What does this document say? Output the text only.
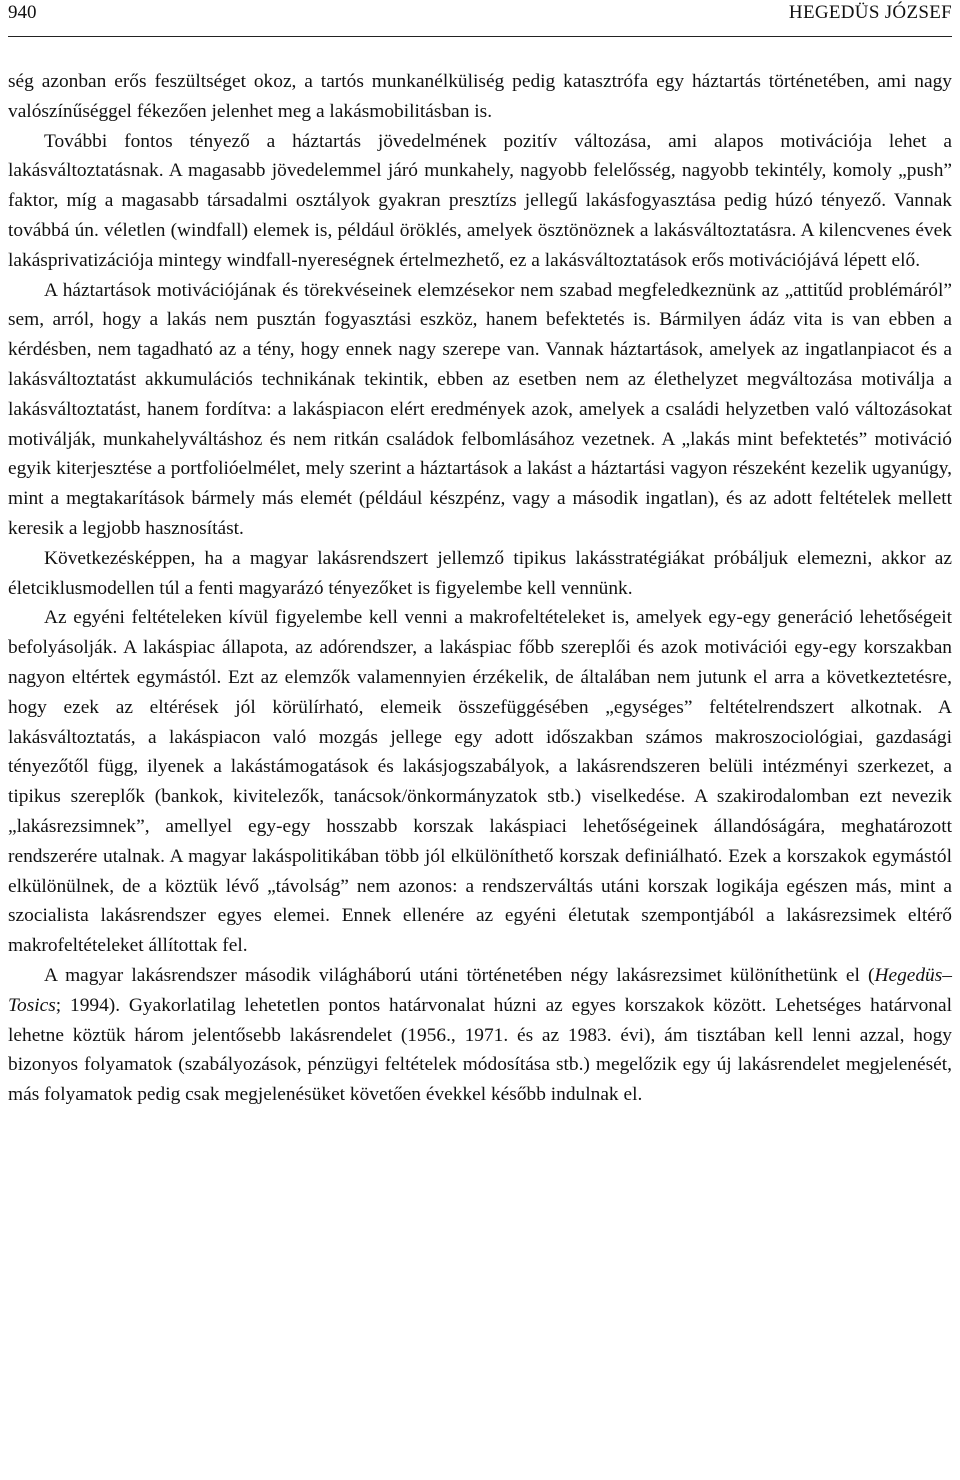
940	HEGEDÜS JÓZSEF

ség azonban erős feszültséget okoz, a tartós munkanélküliség pedig katasztrófa egy háztartás történetében, ami nagy valószínűséggel fékezően jelenhet meg a lakásmobilitásban is.

További fontos tényező a háztartás jövedelmének pozitív változása, ami alapos motivációja lehet a lakásváltoztatásnak. A magasabb jövedelemmel járó munkahely, nagyobb felelősség, nagyobb tekintély, komoly „push” faktor, míg a magasabb társadalmi osztályok gyakran presztízs jellegű lakásfogyasztása pedig húzó tényező. Vannak továbbá ún. véletlen (windfall) elemek is, például öröklés, amelyek ösztönöznek a lakásváltoztatásra. A kilencvenes évek lakásprivatizációja mintegy windfall-nyereségnek értelmezhető, ez a lakásváltoztatások erős motivációjává lépett elő.

A háztartások motivációjának és törekvéseinek elemzésekor nem szabad megfeledkeznünk az „attitűd problémáról” sem, arról, hogy a lakás nem pusztán fogyasztási eszköz, hanem befektetés is. Bármilyen ádáz vita is van ebben a kérdésben, nem tagadható az a tény, hogy ennek nagy szerepe van. Vannak háztartások, amelyek az ingatlanpiacot és a lakásváltoztatást akkumulációs technikának tekintik, ebben az esetben nem az élethelyzet megváltozása motiválja a lakásváltoztatást, hanem fordítva: a lakáspiacon elért eredmények azok, amelyek a családi helyzetben való változásokat motiválják, munkahelyváltáshoz és nem ritkán családok felbomlásához vezetnek. A „lakás mint befektetés” motiváció egyik kiterjesztése a portfolióelmélet, mely szerint a háztartások a lakást a háztartási vagyon részeként kezelik ugyanúgy, mint a megtakarítások bármely más elemét (például készpénz, vagy a második ingatlan), és az adott feltételek mellett keresik a legjobb hasznosítást.

Következésképpen, ha a magyar lakásrendszert jellemző tipikus lakásstratégiákat próbáljuk elemezni, akkor az életciklusmodellen túl a fenti magyarázó tényezőket is figyelembe kell vennünk.

Az egyéni feltételeken kívül figyelembe kell venni a makrofeltételeket is, amelyek egy-egy generáció lehetőségeit befolyásolják. A lakáspiac állapota, az adórendszer, a lakáspiac főbb szereplői és azok motivációi egy-egy korszakban nagyon eltértek egymástól. Ezt az elemzők valamennyien érzékelik, de általában nem jutunk el arra a következtetésre, hogy ezek az eltérések jól körülírható, elemeik összefüggésében „egységes” feltételrendszert alkotnak. A lakásváltoztatás, a lakáspiacon való mozgás jellege egy adott időszakban számos makroszociológiai, gazdasági tényezőtől függ, ilyenek a lakástámogatások és lakásjogszabályok, a lakásrendszeren belüli intézményi szerkezet, a tipikus szereplők (bankok, kivitelezők, tanácsok/önkormányzatok stb.) viselkedése. A szakirodalomban ezt nevezik „lakásrezsimnek”, amellyel egy-egy hosszabb korszak lakáspiaci lehetőségeinek állandóságára, meghatározott rendszerére utalnak. A magyar lakáspolitikában több jól elkülöníthető korszak definiálható. Ezek a korszakok egymástól elkülönülnek, de a köztük lévő „távolság” nem azonos: a rendszerváltás utáni korszak logikája egészen más, mint a szocialista lakásrendszer egyes elemei. Ennek ellenére az egyéni életutak szempontjából a lakásrezsimek eltérő makrofeltételeket állítottak fel.

A magyar lakásrendszer második világháború utáni történetében négy lakásrezsimet különíthetünk el (Hegedüs–Tosics; 1994). Gyakorlatilag lehetetlen pontos határvonalat húzni az egyes korszakok között. Lehetséges határvonal lehetne köztük három jelentősebb lakásrendelet (1956., 1971. és az 1983. évi), ám tisztában kell lenni azzal, hogy bizonyos folyamatok (szabályozások, pénzügyi feltételek módosítása stb.) megelőzik egy új lakásrendelet megjelenését, más folyamatok pedig csak megjelenésüket követően évekkel később indulnak el.
